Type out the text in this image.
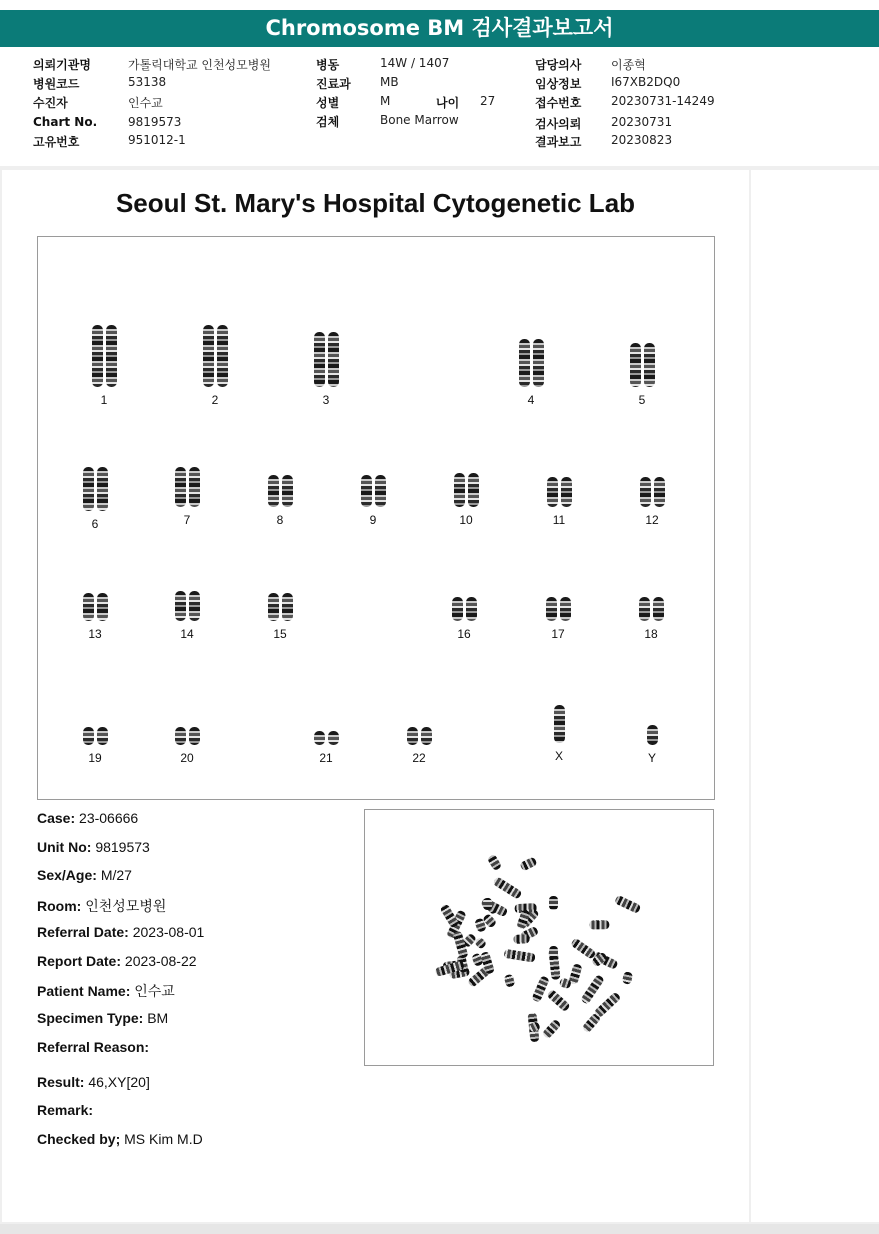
Chromosome BM 검사결과보고서
의뢰기관명	가톨릭대학교 인천성모병원
병원코드	53138
수진자	인수교
Chart No.	9819573
고유번호	951012-1
병동	14W / 1407
진료과 MB
성별	M	나이 27
검체	Bone Marrow
담당의사 이종혁
임상정보 I67XB2DQ0
접수번호 20230731-14249
검사의뢰 20230731
결과보고 20230823
Seoul St. Mary's Hospital Cytogenetic Lab
1	2	3	4	5
6	7	8	9	10	11	12
13	14	15	16	17	18
19	20	21	22	X	Y
Case: 23-06666
Unit No: 9819573
Sex/Age: M/27
Room: 인천성모병원
Referral Date: 2023-08-01
Report Date: 2023-08-22
Patient Name: 인수교
Specimen Type: BM
Referral Reason:
Result: 46,XY[20]
Remark:
Checked by; MS Kim M.D
